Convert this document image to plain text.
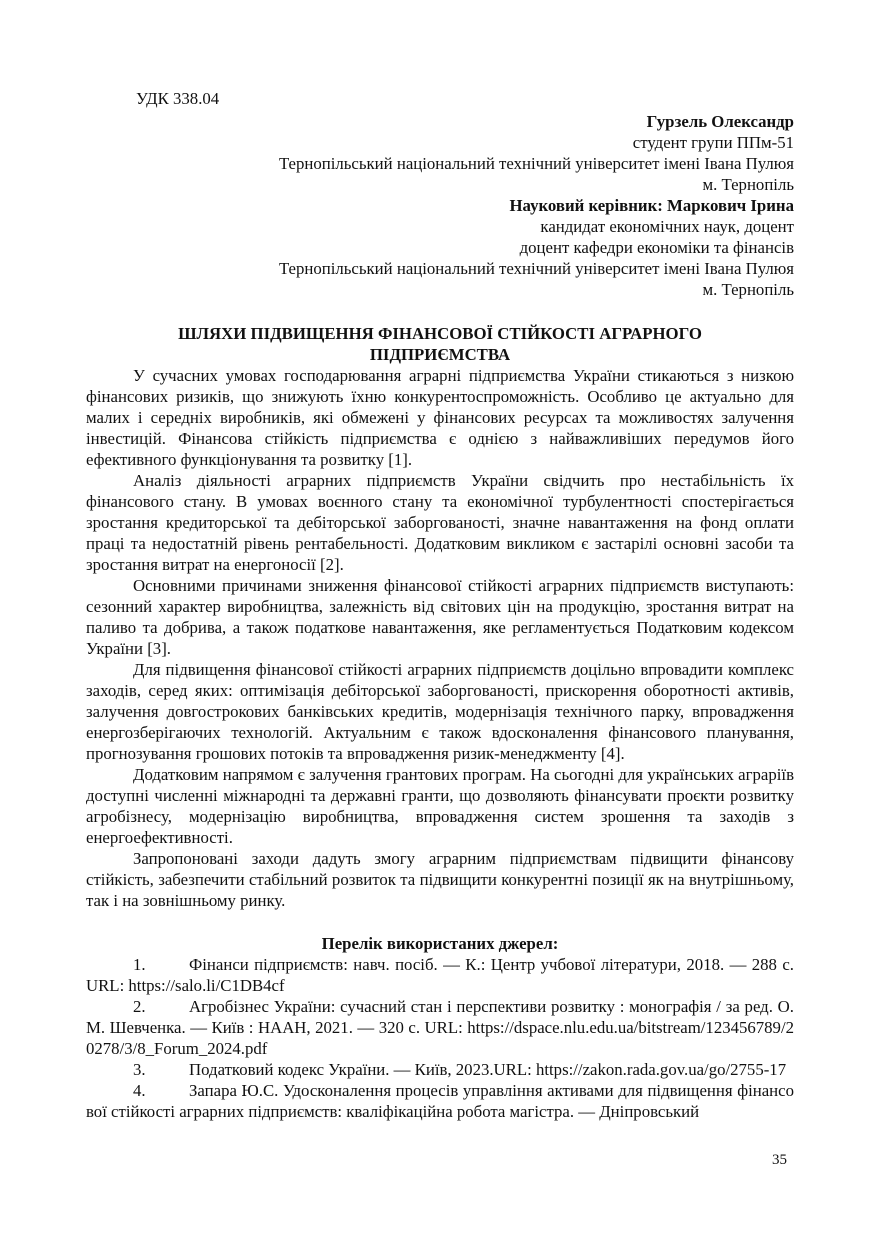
УДК 338.04
Гурзель Олександр
студент групи ППм-51
Тернопільський національний технічний університет імені Івана Пулюя
м. Тернопіль
Науковий керівник: Маркович Ірина
кандидат економічних наук, доцент
доцент кафедри економіки та фінансів
Тернопільський національний технічний університет імені Івана Пулюя
м. Тернопіль
ШЛЯХИ ПІДВИЩЕННЯ ФІНАНСОВОЇ СТІЙКОСТІ АГРАРНОГО ПІДПРИЄМСТВА

У сучасних умовах господарювання аграрні підприємства України стикаються з низкою фінансових ризиків, що знижують їхню конкурентоспроможність. Особливо це актуально для малих і середніх виробників, які обмежені у фінансових ресурсах та можливостях залучення інвестицій. Фінансова стійкість підприємства є однією з найважливіших передумов його ефективного функціонування та розвитку [1].

Аналіз діяльності аграрних підприємств України свідчить про нестабільність їх фінансового стану. В умовах воєнного стану та економічної турбулентності спостерігається зростання кредиторської та дебіторської заборгованості, значне навантаження на фонд оплати праці та недостатній рівень рентабельності. Додатковим викликом є застарілі основні засоби та зростання витрат на енергоносії [2].

Основними причинами зниження фінансової стійкості аграрних підприємств виступають: сезонний характер виробництва, залежність від світових цін на продукцію, зростання витрат на паливо та добрива, а також податкове навантаження, яке регламентується Податковим кодексом України [3].

Для підвищення фінансової стійкості аграрних підприємств доцільно впровадити комплекс заходів, серед яких: оптимізація дебіторської заборгованості, прискорення оборотності активів, залучення довгострокових банківських кредитів, модернізація технічного парку, впровадження енергозберігаючих технологій. Актуальним є також вдосконалення фінансового планування, прогнозування грошових потоків та впровадження ризик-менеджменту [4].

Додатковим напрямом є залучення грантових програм. На сьогодні для українських аграріїв доступні численні міжнародні та державні гранти, що дозволяють фінансувати проєкти розвитку агробізнесу, модернізацію виробництва, впровадження систем зрошення та заходів з енергоефективності.

Запропоновані заходи дадуть змогу аграрним підприємствам підвищити фінансову стійкість, забезпечити стабільний розвиток та підвищити конкурентні позиції як на внутрішньому, так і на зовнішньому ринку.

Перелік використаних джерел:

1.	Фінанси підприємств: навч. посіб. — К.: Центр учбової літератури, 2018. — 288 с. URL: https://salo.li/C1DB4cf

2.	Агробізнес України: сучасний стан і перспективи розвитку : монографія / за ред. О.М. Шевченка. — Київ : НААН, 2021. — 320 с. URL: https://dspace.nlu.edu.ua/bitstream/123456789/20278/3/8_Forum_2024.pdf

3.	Податковий кодекс України. — Київ, 2023.URL: https://zakon.rada.gov.ua/go/2755-17

4.	Запара Ю.С. Удосконалення процесів управління активами для підвищення фінансової стійкості аграрних підприємств: кваліфікаційна робота магістра. — Дніпровський

35
